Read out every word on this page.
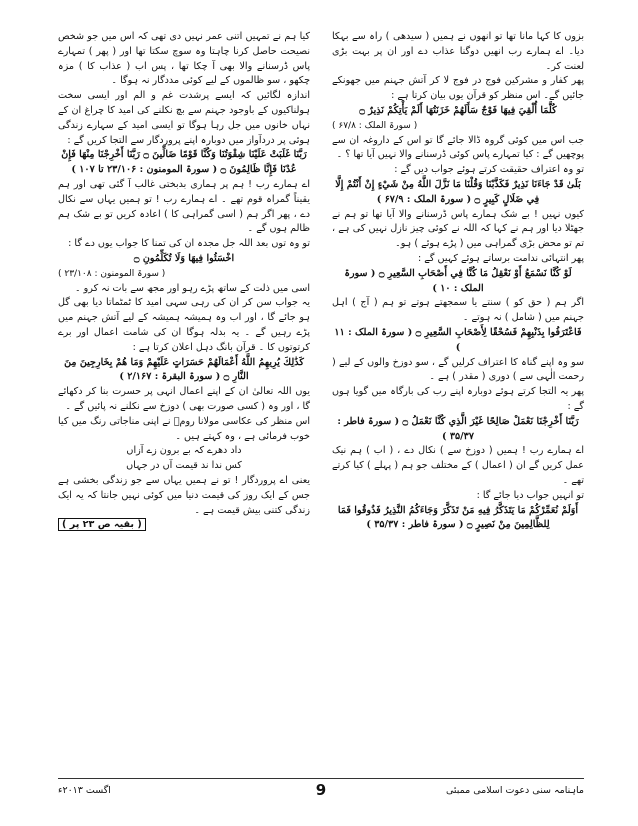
بزوں کا کہا مانا تھا تو انھوں نے ہمیں ( سیدھی ) راہ سے بہکا دیا۔ اے ہمارے رب انھیں دوگنا عذاب دے اور ان پر بہت بڑی لعنت کر۔

پھر کفار و مشرکین فوج در فوج لا کر آتش جہنم میں جھونکے جائیں گے۔ اس منظر کو قرآن یوں بیان کرتا ہے :

كُلَّمَا أُلْقِيَ فِيهَا فَوْجٌ سَأَلَهُمْ خَزَنَتُهَا أَلَمْ يَأْتِكُمْ نَذِيرٌ ۝

( سورۃ الملک : ۶۷/۸ )

جب اس میں کوئی گروہ ڈالا جائے گا تو اس کے داروغہ ان سے پوچھیں گے : کیا تمہارے پاس کوئی ڈرسنانے والا نہیں آیا تھا ؟ ۔

تو وہ اعتراف حقیقت کرتے ہوئے جواب دیں گے :

بَلَىٰ قَدْ جَاءَنَا نَذِيرٌ فَكَذَّبْنَا وَقُلْنَا مَا نَزَّلَ اللَّهُ مِنْ شَيْءٍ إِنْ أَنْتُمْ إِلَّا فِي ضَلَالٍ كَبِيرٍ ۝ ( سورۃ الملک : ۶۷/۹ )

کیوں نہیں ! بے شک ہمارے پاس ڈرسنانے والا آیا تھا تو ہم نے جھٹلا دیا اور ہم نے کہا کہ اللہ نے کوئی چیز نازل نہیں کی ہے ، تم تو محض بڑی گمراہی میں ( پڑے ہوئے ) ہو۔

پھر انتہائی ندامت برساتے ہوئے کہیں گے :

لَوْ كُنَّا نَسْمَعُ أَوْ نَعْقِلُ مَا كُنَّا فِي أَصْحَابِ السَّعِيرِ ۝ ( سورۃ الملک : ۱۰ )

اگر ہم ( حق کو ) سنتے یا سمجھتے ہوتے تو ہم ( آج ) اہل جہنم میں ( شامل ) نہ ہوتے ۔

فَاعْتَرَفُوا بِذَنْبِهِمْ فَسُحْقًا لِأَصْحَابِ السَّعِيرِ ۝ ( سورۃ الملک : ۱۱ )

سو وہ اپنے گناہ کا اعتراف کرلیں گے ، سو دوزخ والوں کے لیے ( رحمت الٰہی سے ) دوری ( مقدر ) ہے ۔

پھر یہ التجا کرتے ہوئے دوبارہ اپنے رب کی بارگاہ میں گویا ہوں گے :

رَبَّنَا أَخْرِجْنَا نَعْمَلْ صَالِحًا غَيْرَ الَّذِي كُنَّا نَعْمَلُ ۝ ( سورۃ فاطر : ۳۵/۳۷ )

اے ہمارے رب ! ہمیں ( دوزخ سے ) نکال دے ، ( اب ) ہم نیک عمل کریں گے ان ( اعمال ) کے مختلف جو ہم ( پہلے ) کیا کرتے تھے ۔

تو انہیں جواب دیا جائے گا :

أَوَلَمْ نُعَمِّرْكُمْ مَا يَتَذَكَّرُ فِيهِ مَنْ تَذَكَّرَ وَجَاءَكُمُ النَّذِيرُ فَذُوقُوا فَمَا لِلظَّالِمِينَ مِنْ نَصِيرٍ ۝ ( سورۃ فاطر : ۳۵/۳۷ )

کیا ہم نے تمہیں اتنی عمر نہیں دی تھی کہ اس میں جو شخص نصیحت حاصل کرنا چاہتا وہ سوچ سکتا تھا اور ( پھر ) تمہارے پاس ڈرسنانے والا بھی آ چکا تھا ، پس اب ( عذاب کا ) مزہ چکھو ، سو ظالموں کے لیے کوئی مددگار نہ ہوگا ۔

اندازہ لگائیں کہ ایسے پرشدت غم و الم اور ایسی سخت ہولناکیوں کے باوجود جہنم سے بچ نکلنے کی امید کا چراغ ان کے نہاں خانوں میں جل رہا ہوگا تو ایسی امید کے سہارے زندگی ہوئی پر دردآواز میں دوبارہ اپنے پروردگار سے التجا کریں گے :

رَبَّنَا غَلَبَتْ عَلَيْنَا شِقْوَتُنَا وَكُنَّا قَوْمًا ضَالِّينَ ۝ رَبَّنَا أَخْرِجْنَا مِنْهَا فَإِنْ عُدْنَا فَإِنَّا ظَالِمُونَ ۝ ( سورۃ المومنون : ۲۳/۱۰۶ تا ۱۰۷ )

اے ہمارے رب ! ہم پر ہماری بدبختی غالب آ گئی تھی اور ہم یقیناً گمراہ قوم تھے ۔ اے ہمارے رب ! تو ہمیں یہاں سے نکال دے ، پھر اگر ہم ( اسی گمراہی کا ) اعادہ کریں تو بے شک ہم ظالم ہوں گے ۔

تو وہ توں بعد اللہ جل مجدہ ان کی تمنا کا جواب یوں دے گا :

اخْسَئُوا فِيهَا وَلَا تُكَلِّمُونِ ۝

( سورۃ المومنون : ۲۳/۱۰۸ )

اسی میں ذلت کے ساتھ پڑے رہو اور مجھ سے بات نہ کرو ۔

یہ جواب سن کر ان کی رہی سہی امید کا ٹمٹماتا دیا بھی گل ہو جائے گا ، اور اب وہ ہمیشہ ہمیشہ کے لیے آتش جہنم میں پڑے رہیں گے ۔ یہ بدلہ ہوگا ان کی شامت اعمال اور برے کرتوتوں کا ۔ قرآن بانگ دہل اعلان کرتا ہے :

كَذَٰلِكَ يُرِيهِمُ اللَّهُ أَعْمَالَهُمْ حَسَرَاتٍ عَلَيْهِمْ وَمَا هُمْ بِخَارِجِينَ مِنَ النَّارِ ۝ ( سورۃ البقرۃ : ۲/۱۶۷ )

یوں اللہ تعالیٰ ان کے اپنے اعمال انہی پر حسرت بنا کر دکھائے گا ، اور وہ ( کسی صورت بھی ) دوزخ سے نکلنے نہ پائیں گے ۔

اس منظر کی عکاسی مولانا رومؒ نے اپنی مناجاتی رنگ میں کیا خوب فرمائی ہے ، وہ کہتے ہیں ۔

داد دھرے کہ بے برون زے آزاں

کس ندا ند قیمت آں در جہاں

یعنی اے پروردگار ! تو نے ہمیں یہاں سے جو زندگی بخشی ہے جس کے ایک روز کی قیمت دنیا میں کوئی نہیں جانتا کہ یہ ایک زندگی کتنی بیش قیمت ہے ۔

( بقیہ ص ۲۳ پر )

ماہنامہ سنی دعوت اسلامی ممبئی
9
اگست ۲۰۱۳ء
